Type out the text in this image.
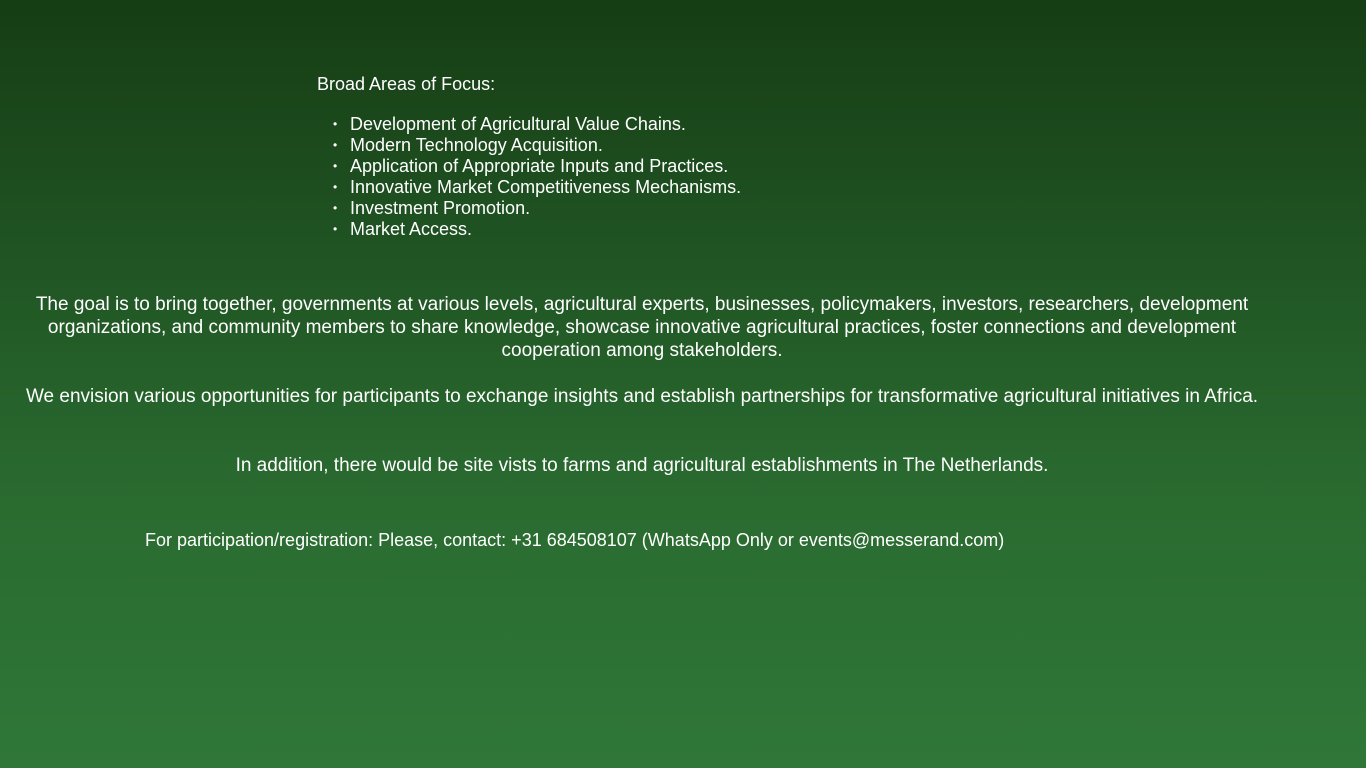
Broad Areas of Focus:

• Development of Agricultural Value Chains.
• Modern Technology Acquisition.
• Application of Appropriate Inputs and Practices.
• Innovative Market Competitiveness Mechanisms.
• Investment Promotion.
• Market Access.

The goal is to bring together, governments at various levels, agricultural experts, businesses, policymakers, investors, researchers, development organizations, and community members to share knowledge, showcase innovative agricultural practices, foster connections and development cooperation among stakeholders.

We envision various opportunities for participants to exchange insights and establish partnerships for transformative agricultural initiatives in Africa.

In addition, there would be site vists to farms and agricultural establishments in The Netherlands.

For participation/registration: Please, contact: +31 684508107 (WhatsApp Only or events@messerand.com)
